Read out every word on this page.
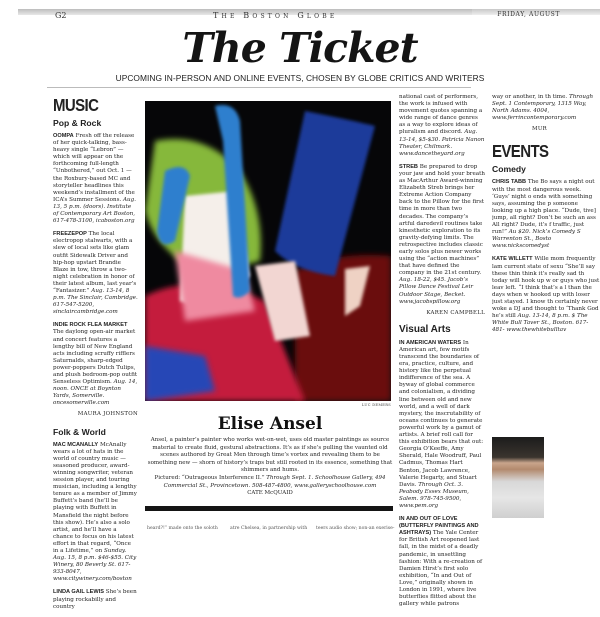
G2	The Boston Globe	FRIDAY, AUGUST
The Ticket
UPCOMING IN-PERSON AND ONLINE EVENTS, CHOSEN BY GLOBE CRITICS AND WRITERS
MUSIC
Pop & Rock

OOMPA Fresh off the release of her quick-talking, bass-heavy single “Lebron” — which will appear on the forthcoming full-length “Unbothered,” out Oct. 1 — the Roxbury-based MC and storyteller headlines this weekend’s installment of the ICA’s Summer Sessions. Aug. 13, 5 p.m. (doors). Institute of Contemporary Art Boston, 617-478-3100, icaboston.org

FREEZEPOP The local electropop stalwarts, with a slew of local sets like glam outfit Sidewalk Driver and hip-hop upstart Brandie Blaze in tow, throw a two-night celebration in honor of their latest album, last year’s “Fantasizer.” Aug. 13-14, 8 p.m. The Sinclair, Cambridge. 617-547-5200, sinclaircambridge.com

INDIE ROCK FLEA MARKET The daylong open-air market and concert features a lengthy bill of New England acts including scruffy rifflers Saturnalds, sharp-edged power-poppers Dutch Tulips, and plush bedroom-pop outfit Senseless Optimism. Aug. 14, noon. ONCE at Boynton Yards, Somerville. oncesomerville.com

MAURA JOHNSTON
Folk & World

MAC MCANALLY McAnally wears a lot of hats in the world of country music — seasoned producer, award-winning songwriter, veteran session player, and touring musician, including a lengthy tenure as a member of Jimmy Buffett’s band (he’ll be playing with Buffett in Mansfield the night before this show). He’s also a solo artist, and he’ll have a chance to focus on his latest effort in that regard, “Once in a Lifetime,” on Sunday. Aug. 15, 8 p.m. $46-$55. City Winery, 80 Beverly St. 617-933-8047, www.citywinery.com/boston

LINDA GAIL LEWIS She’s been playing rockabilly and country

LUC DEMERS
Elise Ansel
Ansel, a painter’s painter who works wet-on-wet, uses old master paintings as source material to create fluid, gestural abstractions. It’s as if she’s pulling the vaunted old scenes authored by Great Men through time’s vortex and revealing them to be something new — shorn of history’s traps but still rooted in its essence, something that shimmers and hums.
Pictured: “Outrageous Interference II.” Through Sept. 1. Schoolhouse Gallery, 494 Commercial St., Provincetown. 508-487-4800, www.galleryschoolhouse.com
CATE McQUAID
heard?!” made onto the soloth	atre Chelsea, in partnership with teers audio show; non-an exerise-

national cast of performers, the work is infused with movement quotes spanning a wide range of dance genres as a way to explore ideas of pluralism and discord. Aug. 13-14, $5-$30. Patricia Nanon Theater, Chilmark. www.dancetheyard.org

STREB Be prepared to drop your jaw and hold your breath as MacArthur Award-winning Elizabeth Streb brings her Extreme Action Company back to the Pillow for the first time in more than two decades. The company’s artful daredevil routines take kinesthetic exploration to its gravity-defying limits. The retrospective includes classic early solos plus newer works using the “action machines” that have defined the company in the 21st century. Aug. 18-22, $45. Jacob’s Pillow Dance Festival Leir Outdoor Stage, Becket. www.jacobspillow.org

KAREN CAMPBELL
Visual Arts

IN AMERICAN WATERS In American art, few motifs transcend the boundaries of era, practice, culture, and history like the perpetual indifference of the sea. A byway of global commerce and colonialism, a dividing line between old and new world, and a well of dark mystery, the inscrutability of oceans continues to generate powerful work by a gamut of artists. A brief roll call for this exhibition bears that out: Georgia O’Keeffe, Amy Sherald, Hale Woodruff, Paul Cadmus, Thomas Hart Benton, Jacob Lawrence, Valerie Hegarty, and Stuart Davis. Through Oct. 3. Peabody Essex Museum, Salem. 978-745-9500, www.pem.org

IN AND OUT OF LOVE (BUTTERFLY PAINTINGS AND ASHTRAYS) The Yale Center for British Art reopened last fall, in the midst of a deadly pandemic, in unsettling fashion: With a re-creation of Damien Hirst’s first solo exhibition, “In and Out of Love,” originally shown in London in 1991, where live butterflies flitted about the gallery while patrons

way or another, in th time. Through Sept. 1 Contemporary, 1315 Way, North Adams. 4004, www.ferrincontemporary.com

MUR
EVENTS
Comedy

CHRIS TABB The Bo says a night out with the most dangerous week. ‘Guys’ night o ends with something says, assuming the p someone looking up a high place. “Dude, tive] jump, all right? Don’t be such an ass All right? Dude, it’s f traffic, just run!” Au $20. Nick’s Comedy S Warrenton St., Bosto www.nickscomedyst

KATE WILLETT Wille mom frequently lam current state of sexu “She’ll say these thin think it’s really sad th today will hook up w or guys who just leav left. “I think that’s a l than the days when w hooked up with loser just stayed. I know th certainly never woke a DJ and thought to ‘Thank God he’s still Aug. 13-14, 8 p.m. $ The White Bull Taver St., Boston. 617-481- www.thewhitebulltav
